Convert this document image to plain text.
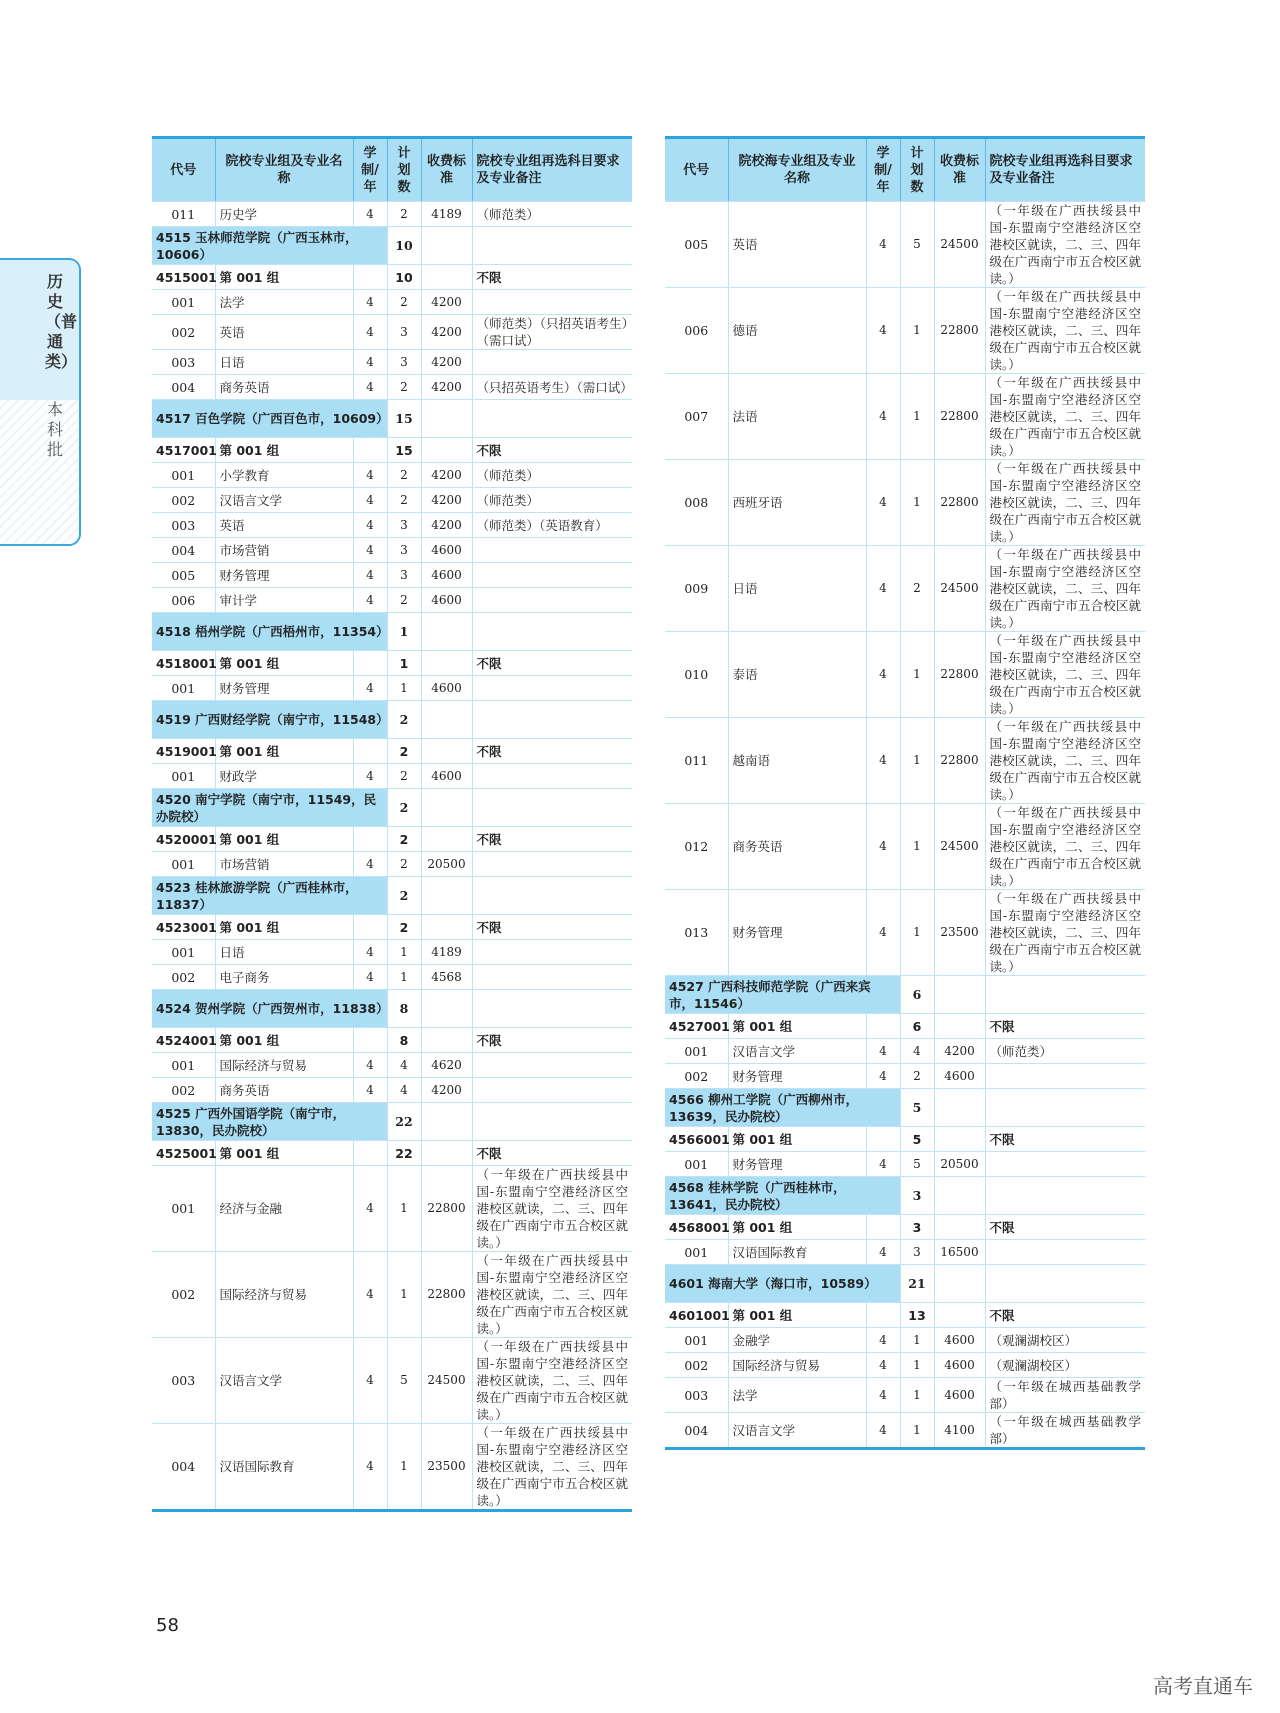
历史（普通类）
本科批
代号	院校专业组及专业名称	学制/年	计划数	收费标准	院校专业组再选科目要求及专业备注
011	历史学	4	2	4189	（师范类）
4515 玉林师范学院（广西玉林市，10606）			10		
4515001	第 001 组		10		不限
001	法学	4	2	4200	
002	英语	4	3	4200	（师范类）（只招英语考生）（需口试）
003	日语	4	3	4200	
004	商务英语	4	2	4200	（只招英语考生）（需口试）
4517 百色学院（广西百色市，10609）			15		
4517001	第 001 组		15		不限
001	小学教育	4	2	4200	（师范类）
002	汉语言文学	4	2	4200	（师范类）
003	英语	4	3	4200	（师范类）（英语教育）
004	市场营销	4	3	4600	
005	财务管理	4	3	4600	
006	审计学	4	2	4600	
4518 梧州学院（广西梧州市，11354）			1		
4518001	第 001 组		1		不限
001	财务管理	4	1	4600	
4519 广西财经学院（南宁市，11548）			2		
4519001	第 001 组		2		不限
001	财政学	4	2	4600	
4520 南宁学院（南宁市，11549，民办院校）			2		
4520001	第 001 组		2		不限
001	市场营销	4	2	20500	
4523 桂林旅游学院（广西桂林市，11837）			2		
4523001	第 001 组		2		不限
001	日语	4	1	4189	
002	电子商务	4	1	4568	
4524 贺州学院（广西贺州市，11838）			8		
4524001	第 001 组		8		不限
001	国际经济与贸易	4	4	4620	
002	商务英语	4	4	4200	
4525 广西外国语学院（南宁市，13830，民办院校）			22		
4525001	第 001 组		22		不限
001	经济与金融	4	1	22800	（一年级在广西扶绥县中国-东盟南宁空港经济区空港校区就读，二、三、四年级在广西南宁市五合校区就读。）
002	国际经济与贸易	4	1	22800	（一年级在广西扶绥县中国-东盟南宁空港经济区空港校区就读，二、三、四年级在广西南宁市五合校区就读。）
003	汉语言文学	4	5	24500	（一年级在广西扶绥县中国-东盟南宁空港经济区空港校区就读，二、三、四年级在广西南宁市五合校区就读。）
004	汉语国际教育	4	1	23500	（一年级在广西扶绥县中国-东盟南宁空港经济区空港校区就读，二、三、四年级在广西南宁市五合校区就读。）
代号	院校海专业组及专业名称	学制/年	计划数	收费标准	院校专业组再选科目要求及专业备注
005	英语	4	5	24500	（一年级在广西扶绥县中国-东盟南宁空港经济区空港校区就读，二、三、四年级在广西南宁市五合校区就读。）
006	德语	4	1	22800	（一年级在广西扶绥县中国-东盟南宁空港经济区空港校区就读，二、三、四年级在广西南宁市五合校区就读。）
007	法语	4	1	22800	（一年级在广西扶绥县中国-东盟南宁空港经济区空港校区就读，二、三、四年级在广西南宁市五合校区就读。）
008	西班牙语	4	1	22800	（一年级在广西扶绥县中国-东盟南宁空港经济区空港校区就读，二、三、四年级在广西南宁市五合校区就读。）
009	日语	4	2	24500	（一年级在广西扶绥县中国-东盟南宁空港经济区空港校区就读，二、三、四年级在广西南宁市五合校区就读。）
010	泰语	4	1	22800	（一年级在广西扶绥县中国-东盟南宁空港经济区空港校区就读，二、三、四年级在广西南宁市五合校区就读。）
011	越南语	4	1	22800	（一年级在广西扶绥县中国-东盟南宁空港经济区空港校区就读，二、三、四年级在广西南宁市五合校区就读。）
012	商务英语	4	1	24500	（一年级在广西扶绥县中国-东盟南宁空港经济区空港校区就读，二、三、四年级在广西南宁市五合校区就读。）
013	财务管理	4	1	23500	（一年级在广西扶绥县中国-东盟南宁空港经济区空港校区就读，二、三、四年级在广西南宁市五合校区就读。）
4527 广西科技师范学院（广西来宾市，11546）			6		
4527001	第 001 组		6		不限
001	汉语言文学	4	4	4200	（师范类）
002	财务管理	4	2	4600	
4566 柳州工学院（广西柳州市，13639，民办院校）			5		
4566001	第 001 组		5		不限
001	财务管理	4	5	20500	
4568 桂林学院（广西桂林市，13641，民办院校）			3		
4568001	第 001 组		3		不限
001	汉语国际教育	4	3	16500	
4601 海南大学（海口市，10589）			21		
4601001	第 001 组		13		不限
001	金融学	4	1	4600	（观澜湖校区）
002	国际经济与贸易	4	1	4600	（观澜湖校区）
003	法学	4	1	4600	（一年级在城西基础教学部）
004	汉语言文学	4	1	4100	（一年级在城西基础教学部）
58
高考直通车
